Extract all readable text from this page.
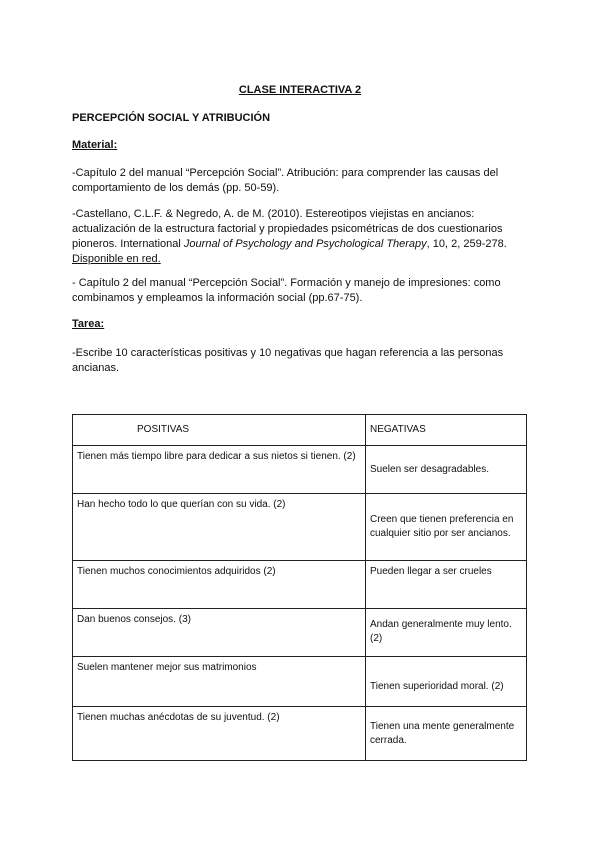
CLASE INTERACTIVA 2
PERCEPCIÓN SOCIAL Y ATRIBUCIÓN
Material:
-Capítulo 2 del manual “Percepción Social”. Atribución: para comprender las causas del comportamiento de los demás (pp. 50-59).
-Castellano, C.L.F. & Negredo, A. de M. (2010). Estereotipos viejistas en ancianos: actualización de la estructura factorial y propiedades psicométricas de dos cuestionarios pioneros. International Journal of Psychology and Psychological Therapy, 10, 2, 259-278.
Disponible en red.
- Capítulo 2 del manual “Percepción Social”. Formación y manejo de impresiones: como combinamos y empleamos la información social (pp.67-75).
Tarea:
-Escribe 10 características positivas y 10 negativas que hagan referencia a las personas ancianas.
POSITIVAS	NEGATIVAS
Tienen más tiempo libre para dedicar a sus nietos si tienen. (2)	Suelen ser desagradables.
Han hecho todo lo que querían con su vida. (2)	Creen que tienen preferencia en cualquier sitio por ser ancianos.
Tienen muchos conocimientos adquiridos (2)	Pueden llegar a ser crueles
Dan buenos consejos. (3)	Andan generalmente muy lento. (2)
Suelen mantener mejor sus matrimonios	Tienen superioridad moral. (2)
Tienen muchas anécdotas de su juventud. (2)	Tienen una mente generalmente cerrada.
